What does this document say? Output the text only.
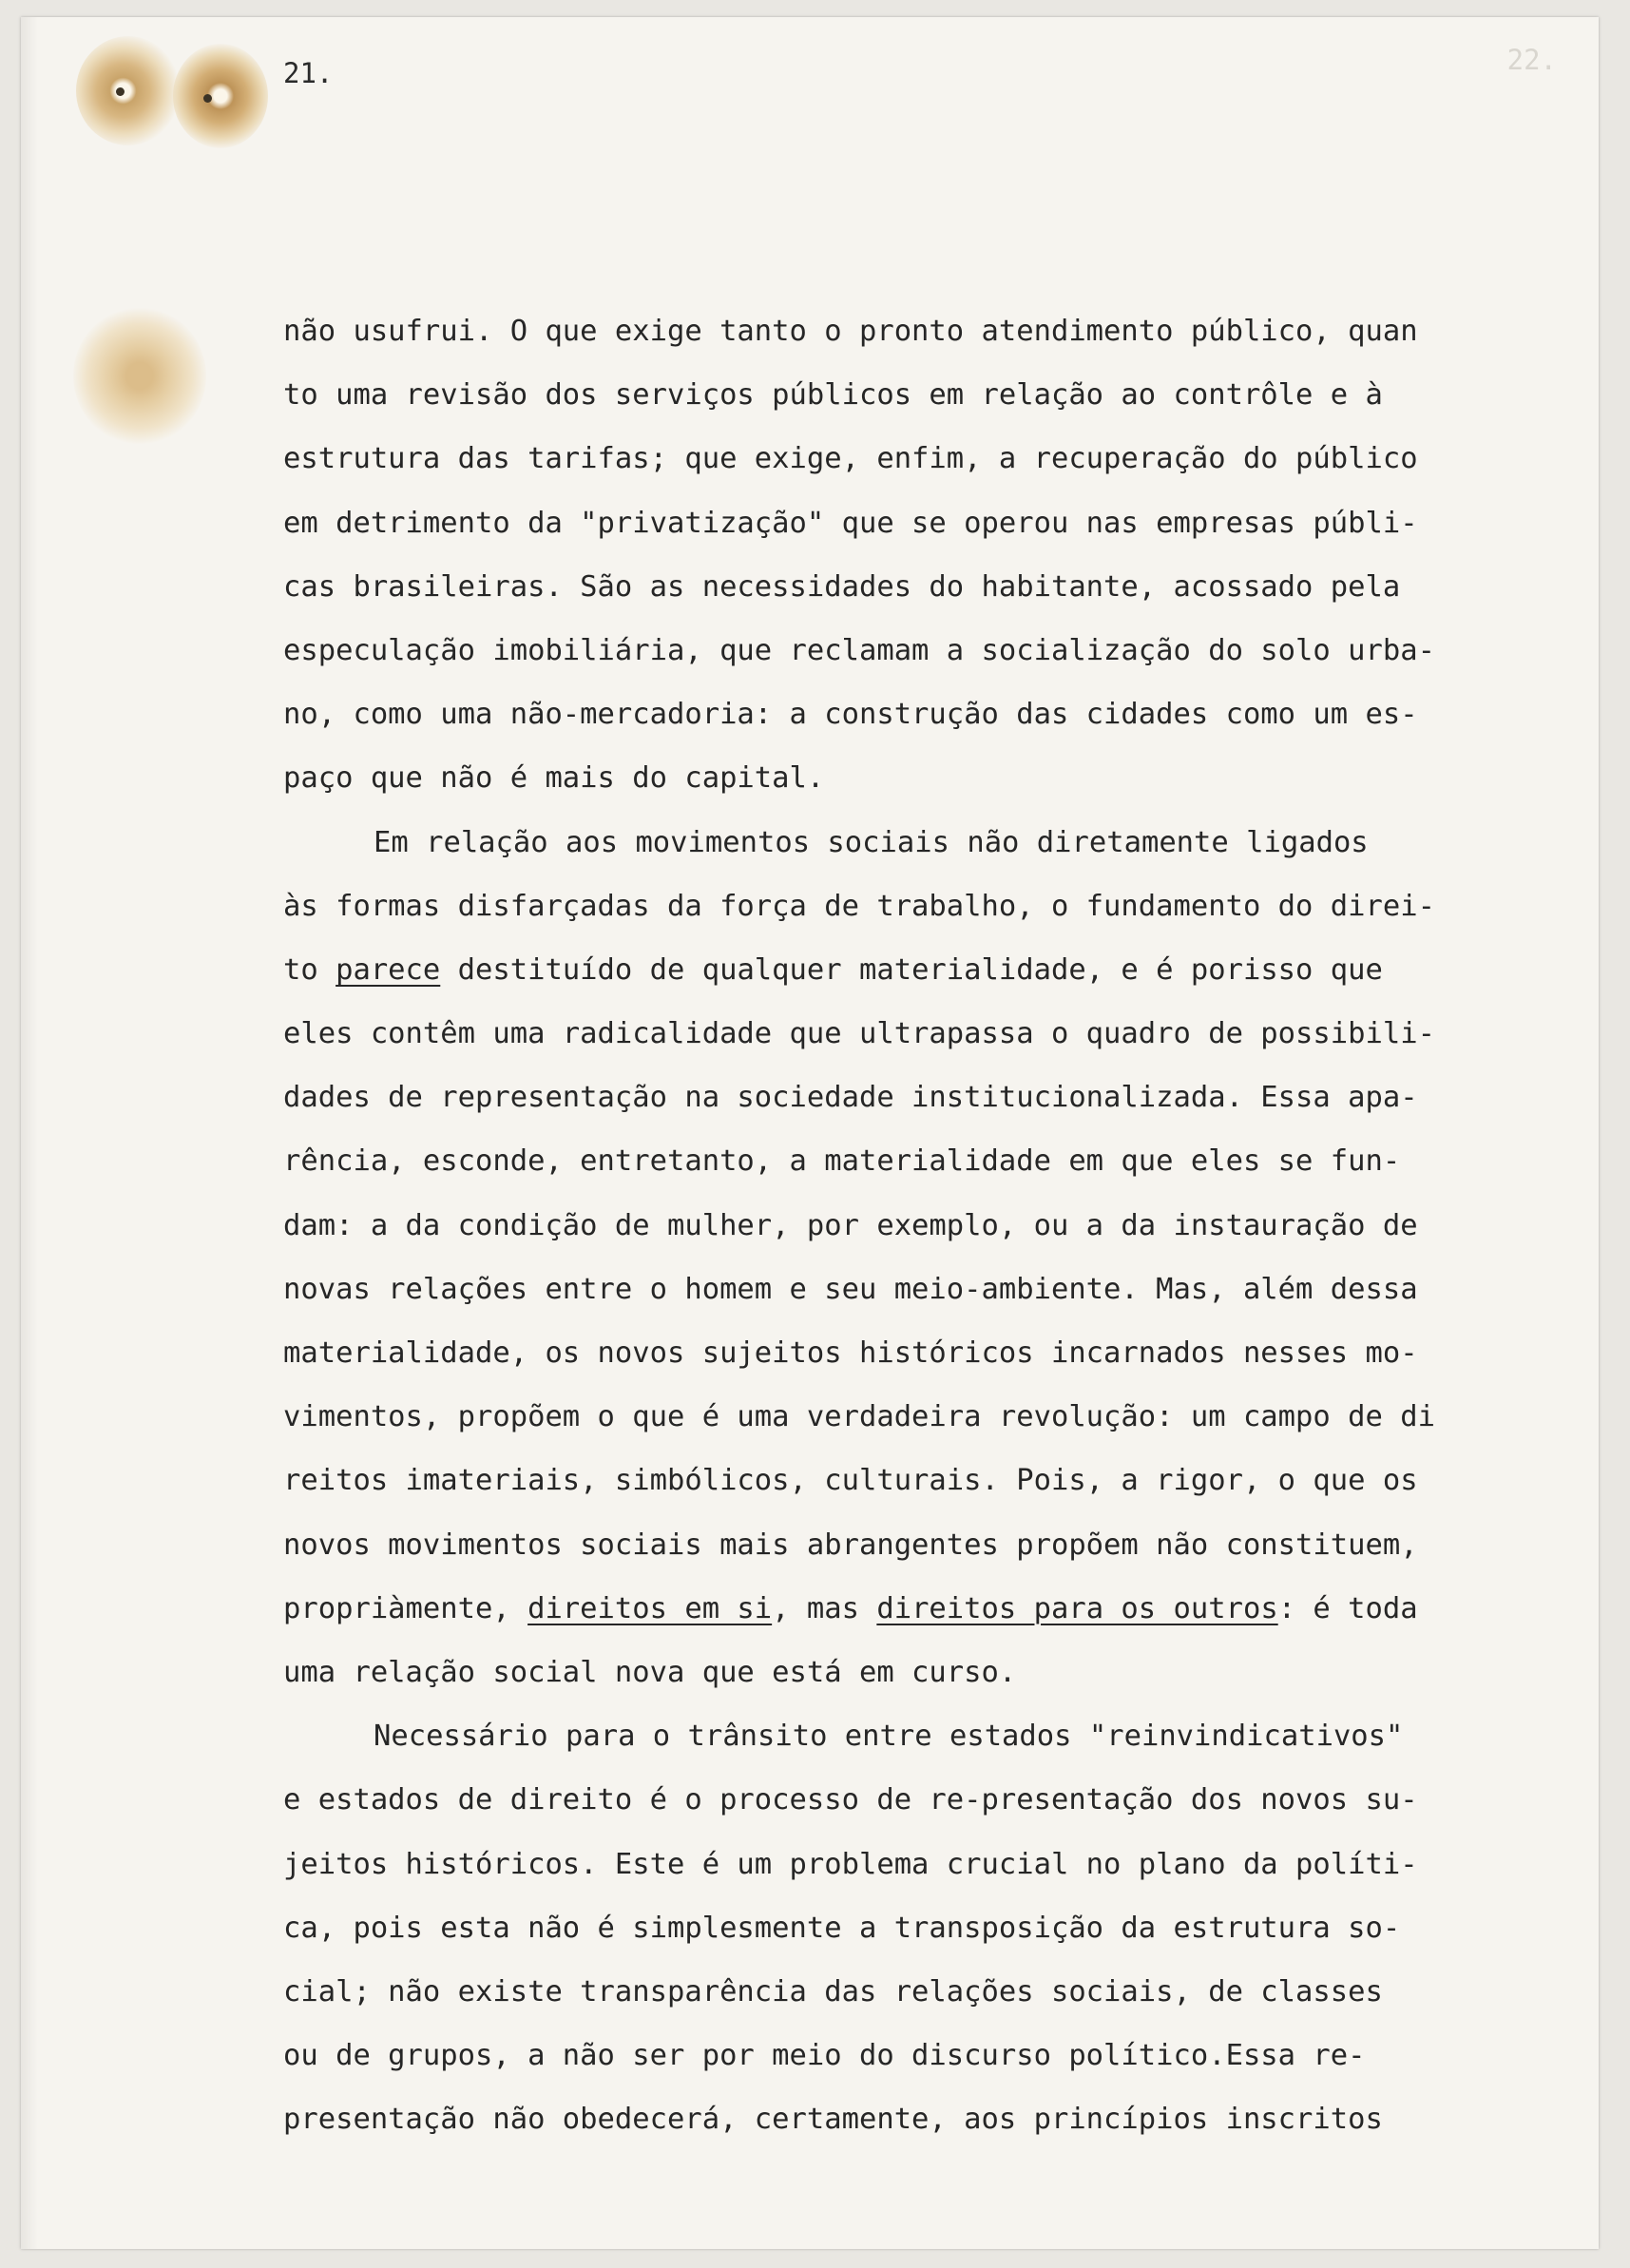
22.
21.
não usufrui. O que exige tanto o pronto atendimento público, quan
to uma revisão dos serviços públicos em relação ao contrôle e à
estrutura das tarifas; que exige, enfim, a recuperação do público
em detrimento da "privatização" que se operou nas empresas públi-
cas brasileiras. São as necessidades do habitante, acossado pela
especulação imobiliária, que reclamam a socialização do solo urba-
no, como uma não-mercadoria: a construção das cidades como um es-
paço que não é mais do capital.
Em relação aos movimentos sociais não diretamente ligados
às formas disfarçadas da força de trabalho, o fundamento do direi-
to parece destituído de qualquer materialidade, e é porisso que
eles contêm uma radicalidade que ultrapassa o quadro de possibili-
dades de representação na sociedade institucionalizada. Essa apa-
rência, esconde, entretanto, a materialidade em que eles se fun-
dam: a da condição de mulher, por exemplo, ou a da instauração de
novas relações entre o homem e seu meio-ambiente. Mas, além dessa
materialidade, os novos sujeitos históricos incarnados nesses mo-
vimentos, propõem o que é uma verdadeira revolução: um campo de di
reitos imateriais, simbólicos, culturais. Pois, a rigor, o que os
novos movimentos sociais mais abrangentes propõem não constituem,
propriàmente, direitos em si, mas direitos para os outros: é toda
uma relação social nova que está em curso.
Necessário para o trânsito entre estados "reinvindicativos"
e estados de direito é o processo de re-presentação dos novos su-
jeitos históricos. Este é um problema crucial no plano da políti-
ca, pois esta não é simplesmente a transposição da estrutura so-
cial; não existe transparência das relações sociais, de classes
ou de grupos, a não ser por meio do discurso político.Essa re-
presentação não obedecerá, certamente, aos princípios inscritos
